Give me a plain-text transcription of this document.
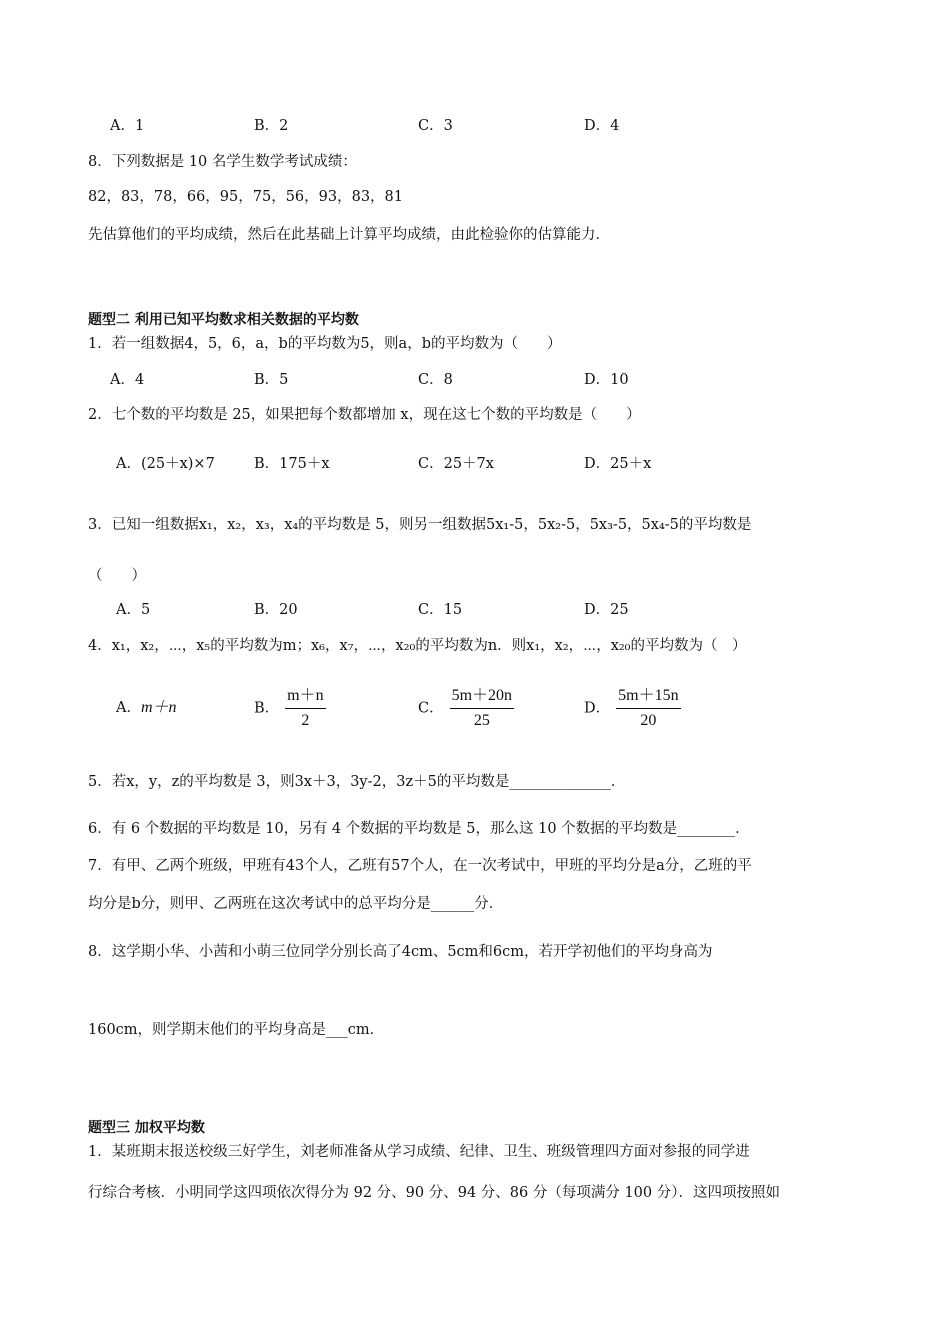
A．1	B．2	C．3	D．4
8．下列数据是 10 名学生数学考试成绩：
82，83，78，66，95，75，56，93，83，81
先估算他们的平均成绩，然后在此基础上计算平均成绩，由此检验你的估算能力．
题型二 利用已知平均数求相关数据的平均数
1．若一组数据4，5，6，a，b的平均数为5，则a，b的平均数为（　　）
A．4	B．5	C．8	D．10
2．七个数的平均数是 25，如果把每个数都增加 x，现在这七个数的平均数是（　　）
A．(25＋x)×7	B．175＋x	C．25＋7x	D．25＋x
3．已知一组数据x₁，x₂，x₃，x₄的平均数是 5，则另一组数据5x₁-5，5x₂-5，5x₃-5，5x₄-5的平均数是
（　　）
A．5	B．20	C．15	D．25
4．x₁，x₂，⋯，x₅的平均数为m；x₆，x₇，⋯，x₂₀的平均数为n．则x₁，x₂，⋯，x₂₀的平均数为（　）
A．m＋n	B． $\frac{m+n}{2}$	C． $\frac{5m+20n}{25}$	D． $\frac{5m+15n}{20}$
5．若x，y，z的平均数是 3，则3x＋3，3y-2，3z＋5的平均数是______________．
6．有 6 个数据的平均数是 10，另有 4 个数据的平均数是 5，那么这 10 个数据的平均数是________．
7．有甲、乙两个班级，甲班有43个人，乙班有57个人，在一次考试中，甲班的平均分是a分，乙班的平
均分是b分，则甲、乙两班在这次考试中的总平均分是______分．
8．这学期小华、小茜和小萌三位同学分别长高了4cm、5cm和6cm，若开学初他们的平均身高为
160cm，则学期末他们的平均身高是___cm．
题型三 加权平均数
1．某班期末报送校级三好学生，刘老师准备从学习成绩、纪律、卫生、班级管理四方面对参报的同学进
行综合考核．小明同学这四项依次得分为 92 分、90 分、94 分、86 分（每项满分 100 分）．这四项按照如
